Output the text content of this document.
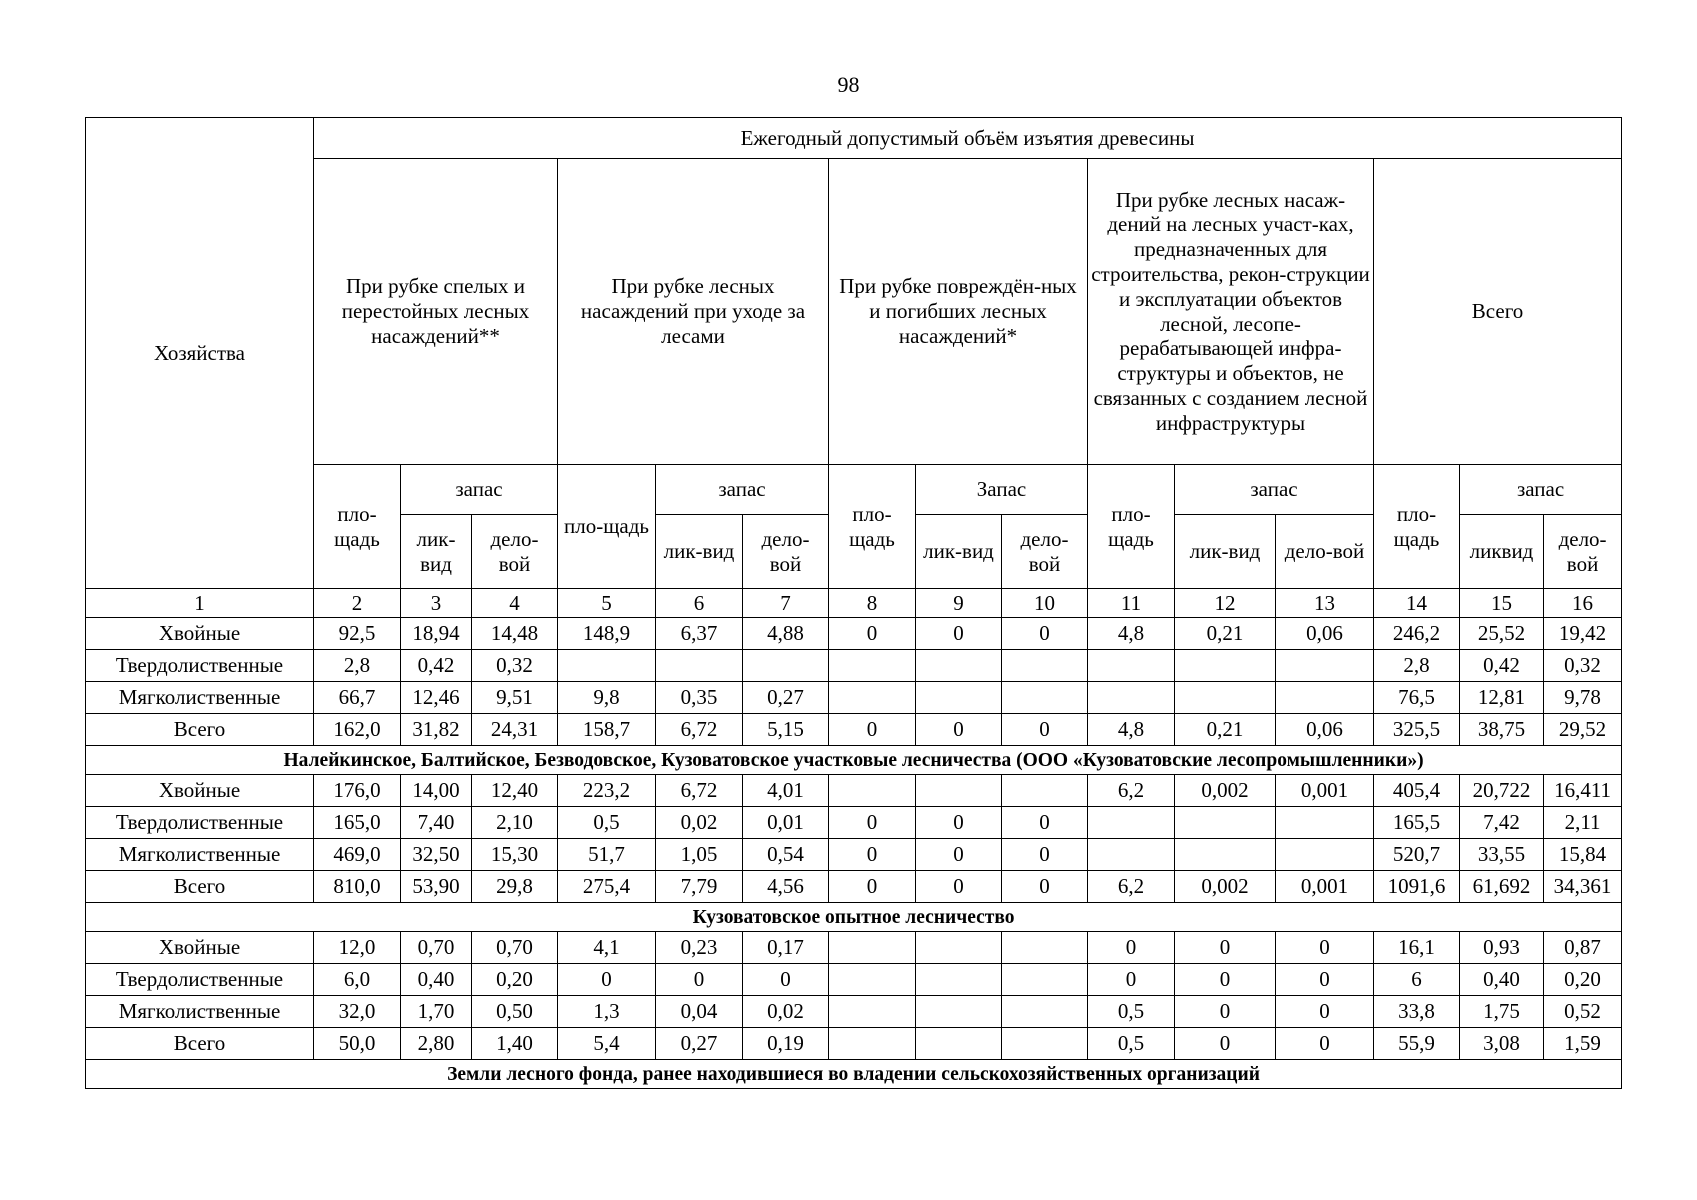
98
Хозяйства	Ежегодный допустимый объём изъятия древесины														
	При рубке спелых и перестойных лесных насаждений**			При рубке лесных насаждений при уходе за лесами			При рубке повреждён-ных и погибших лесных насаждений*			При рубке лесных насаж-дений на лесных участ-ках, предназначенных для строительства, рекон-струкции и эксплуатации объектов лесной, лесопе-рерабатывающей инфра-структуры и объектов, не связанных с созданием лесной инфраструктуры			Всего		
	пло-щадь	запас		пло-щадь	запас		пло-щадь	Запас		пло-щадь	запас		пло-щадь	запас	
		лик-вид	дело-вой		лик-вид	дело-вой		лик-вид	дело-вой		лик-вид	дело-вой		ликвид	дело-вой
1	2	3	4	5	6	7	8	9	10	11	12	13	14	15	16
Хвойные	92,5	18,94	14,48	148,9	6,37	4,88	0	0	0	4,8	0,21	0,06	246,2	25,52	19,42
Твердолиственные	2,8	0,42	0,32										2,8	0,42	0,32
Мягколиственные	66,7	12,46	9,51	9,8	0,35	0,27							76,5	12,81	9,78
Всего	162,0	31,82	24,31	158,7	6,72	5,15	0	0	0	4,8	0,21	0,06	325,5	38,75	29,52
Налейкинское, Балтийское, Безводовское, Кузоватовское участковые лесничества (ООО «Кузоватовские лесопромышленники»)															
Хвойные	176,0	14,00	12,40	223,2	6,72	4,01				6,2	0,002	0,001	405,4	20,722	16,411
Твердолиственные	165,0	7,40	2,10	0,5	0,02	0,01	0	0	0				165,5	7,42	2,11
Мягколиственные	469,0	32,50	15,30	51,7	1,05	0,54	0	0	0				520,7	33,55	15,84
Всего	810,0	53,90	29,8	275,4	7,79	4,56	0	0	0	6,2	0,002	0,001	1091,6	61,692	34,361
Кузоватовское опытное лесничество															
Хвойные	12,0	0,70	0,70	4,1	0,23	0,17				0	0	0	16,1	0,93	0,87
Твердолиственные	6,0	0,40	0,20	0	0	0				0	0	0	6	0,40	0,20
Мягколиственные	32,0	1,70	0,50	1,3	0,04	0,02				0,5	0	0	33,8	1,75	0,52
Всего	50,0	2,80	1,40	5,4	0,27	0,19				0,5	0	0	55,9	3,08	1,59
Земли лесного фонда, ранее находившиеся во владении сельскохозяйственных организаций															
